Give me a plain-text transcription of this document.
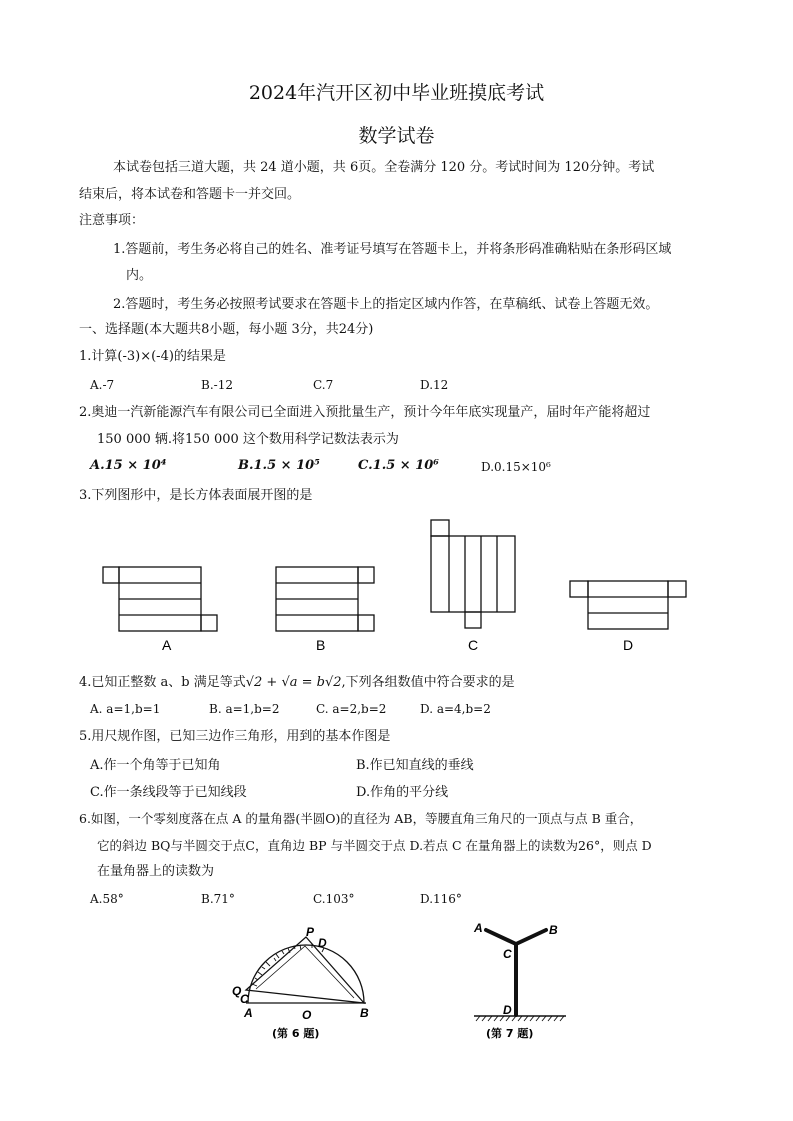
2024年汽开区初中毕业班摸底考试
数学试卷
本试卷包括三道大题，共 24 道小题，共 6页。全卷满分 120 分。考试时间为 120分钟。考试
结束后，将本试卷和答题卡一并交回。
注意事项：
1.答题前，考生务必将自己的姓名、准考证号填写在答题卡上，并将条形码准确粘贴在条形码区域
内。
2.答题时，考生务必按照考试要求在答题卡上的指定区域内作答，在草稿纸、试卷上答题无效。
一、选择题(本大题共8小题，每小题 3分，共24分)
1.计算(-3)×(-4)的结果是
A.-7	B.-12	C.7	D.12
2.奥迪一汽新能源汽车有限公司已全面进入预批量生产，预计今年年底实现量产，届时年产能将超过
150 000 辆.将150 000 这个数用科学记数法表示为
A.15 × 10⁴	B.1.5 × 10⁵	C.1.5 × 10⁶	D.0.15×10⁶
3.下列图形中，是长方体表面展开图的是
A	B	C	D
4.已知正整数 a、b 满足等式√2 + √a = b√2,下列各组数值中符合要求的是
A. a=1,b=1	B. a=1,b=2	C. a=2,b=2	D. a=4,b=2
5.用尺规作图，已知三边作三角形，用到的基本作图是
A.作一个角等于已知角	B.作已知直线的垂线
C.作一条线段等于已知线段	D.作角的平分线
6.如图，一个零刻度落在点 A 的量角器(半圆O)的直径为 AB，等腰直角三角尺的一顶点与点 B 重合，
它的斜边 BQ与半圆交于点C，直角边 BP 与半圆交于点 D.若点 C 在量角器上的读数为26°，则点 D
在量角器上的读数为
A.58°	B.71°	C.103°	D.116°
P
D
Q
C
A	O	B
(第 6 题)
A	B
C
D
(第 7 题)
